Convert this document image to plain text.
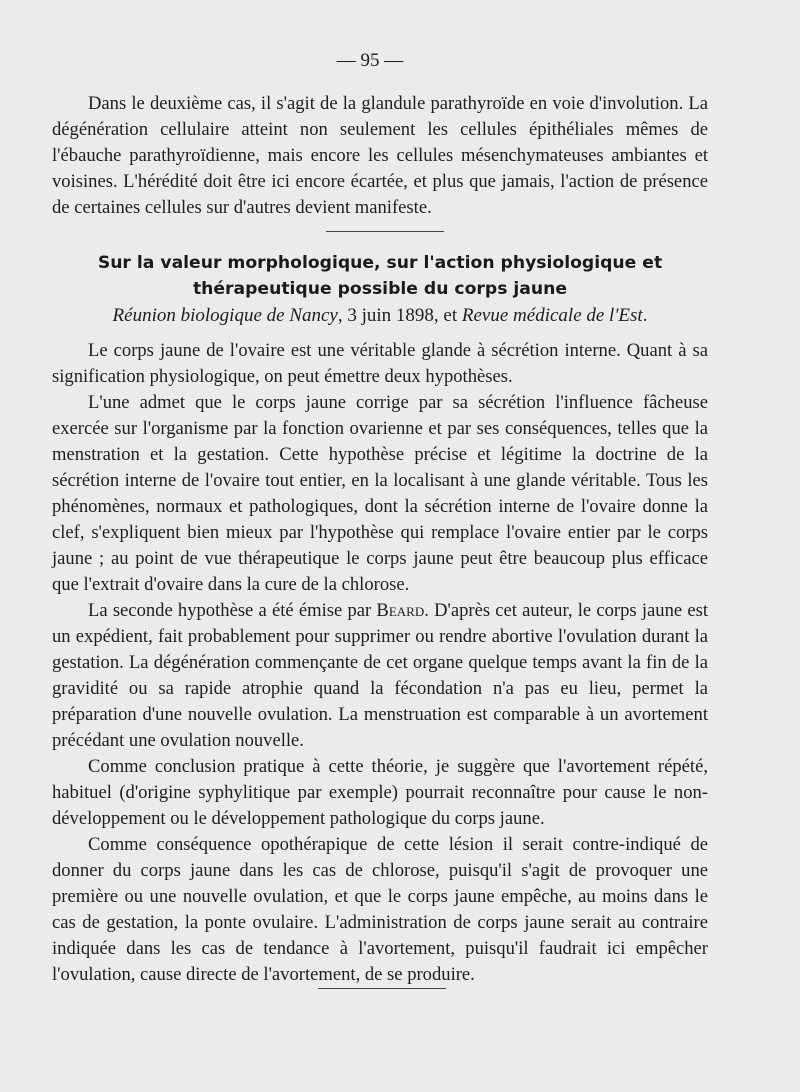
— 95 —

Dans le deuxième cas, il s'agit de la glandule parathyroïde en voie d'involution. La dégénération cellulaire atteint non seulement les cellules épithéliales mêmes de l'ébauche parathyroïdienne, mais encore les cellules mésenchymateuses ambiantes et voisines. L'hérédité doit être ici encore écartée, et plus que jamais, l'action de présence de certaines cellules sur d'autres devient manifeste.

Sur la valeur morphologique, sur l'action physiologique et thérapeutique possible du corps jaune
Réunion biologique de Nancy, 3 juin 1898, et Revue médicale de l'Est.

Le corps jaune de l'ovaire est une véritable glande à sécrétion interne. Quant à sa signification physiologique, on peut émettre deux hypothèses.

L'une admet que le corps jaune corrige par sa sécrétion l'influence fâcheuse exercée sur l'organisme par la fonction ovarienne et par ses conséquences, telles que la menstration et la gestation. Cette hypothèse précise et légitime la doctrine de la sécrétion interne de l'ovaire tout entier, en la localisant à une glande véritable. Tous les phénomènes, normaux et pathologiques, dont la sécrétion interne de l'ovaire donne la clef, s'expliquent bien mieux par l'hypothèse qui remplace l'ovaire entier par le corps jaune ; au point de vue thérapeutique le corps jaune peut être beaucoup plus efficace que l'extrait d'ovaire dans la cure de la chlorose.

La seconde hypothèse a été émise par Beard. D'après cet auteur, le corps jaune est un expédient, fait probablement pour supprimer ou rendre abortive l'ovulation durant la gestation. La dégénération commençante de cet organe quelque temps avant la fin de la gravidité ou sa rapide atrophie quand la fécondation n'a pas eu lieu, permet la préparation d'une nouvelle ovulation. La menstruation est comparable à un avortement précédant une ovulation nouvelle.

Comme conclusion pratique à cette théorie, je suggère que l'avortement répété, habituel (d'origine syphylitique par exemple) pourrait reconnaître pour cause le non-développement ou le développement pathologique du corps jaune.

Comme conséquence opothérapique de cette lésion il serait contre-indiqué de donner du corps jaune dans les cas de chlorose, puisqu'il s'agit de provoquer une première ou une nouvelle ovulation, et que le corps jaune empêche, au moins dans le cas de gestation, la ponte ovulaire. L'administration de corps jaune serait au contraire indiquée dans les cas de tendance à l'avortement, puisqu'il faudrait ici empêcher l'ovulation, cause directe de l'avortement, de se produire.
